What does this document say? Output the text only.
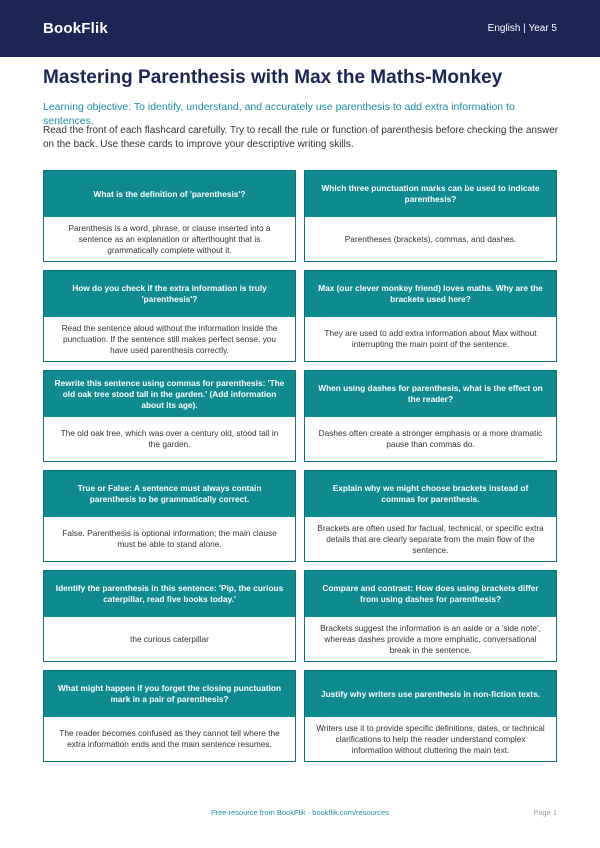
BookFlik	English | Year 5
Mastering Parenthesis with Max the Maths-Monkey

Learning objective: To identify, understand, and accurately use parenthesis to add extra information to sentences.

Read the front of each flashcard carefully. Try to recall the rule or function of parenthesis before checking the answer on the back. Use these cards to improve your descriptive writing skills.

What is the definition of 'parenthesis'?
Parenthesis is a word, phrase, or clause inserted into a sentence as an explanation or afterthought that is grammatically complete without it.
Which three punctuation marks can be used to indicate parenthesis?
Parentheses (brackets), commas, and dashes.
How do you check if the extra information is truly 'parenthesis'?
Read the sentence aloud without the information inside the punctuation. If the sentence still makes perfect sense, you have used parenthesis correctly.
Max (our clever monkey friend) loves maths. Why are the brackets used here?
They are used to add extra information about Max without interrupting the main point of the sentence.
Rewrite this sentence using commas for parenthesis: 'The old oak tree stood tall in the garden.' (Add information about its age).
The old oak tree, which was over a century old, stood tall in the garden.
When using dashes for parenthesis, what is the effect on the reader?
Dashes often create a stronger emphasis or a more dramatic pause than commas do.
True or False: A sentence must always contain parenthesis to be grammatically correct.
False. Parenthesis is optional information; the main clause must be able to stand alone.
Explain why we might choose brackets instead of commas for parenthesis.
Brackets are often used for factual, technical, or specific extra details that are clearly separate from the main flow of the sentence.
Identify the parenthesis in this sentence: 'Pip, the curious caterpillar, read five books today.'
the curious caterpillar
Compare and contrast: How does using brackets differ from using dashes for parenthesis?
Brackets suggest the information is an aside or a 'side note', whereas dashes provide a more emphatic, conversational break in the sentence.
What might happen if you forget the closing punctuation mark in a pair of parenthesis?
The reader becomes confused as they cannot tell where the extra information ends and the main sentence resumes.
Justify why writers use parenthesis in non-fiction texts.
Writers use it to provide specific definitions, dates, or technical clarifications to help the reader understand complex information without cluttering the main text.
Free resource from BookFlik · bookflik.com/resources	Page 1
